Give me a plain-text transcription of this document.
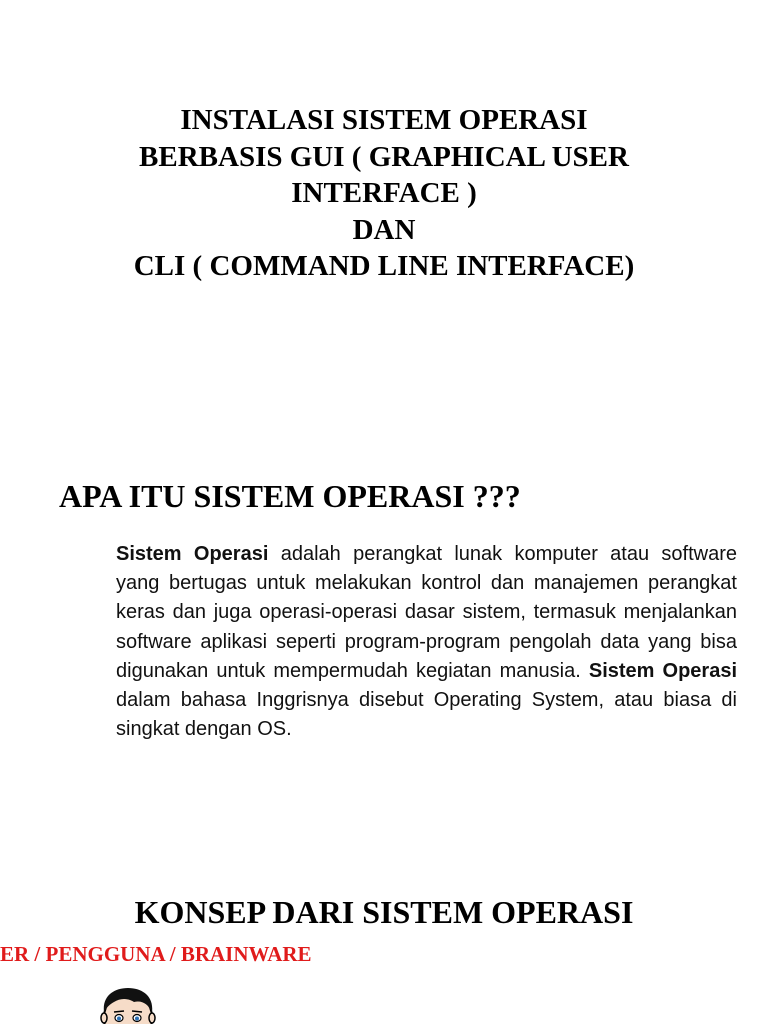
INSTALASI SISTEM OPERASI
BERBASIS GUI ( GRAPHICAL USER
INTERFACE )
DAN
CLI ( COMMAND LINE INTERFACE)
APA ITU SISTEM OPERASI ???

Sistem Operasi adalah perangkat lunak komputer atau software yang bertugas untuk melakukan kontrol dan manajemen perangkat keras dan juga operasi-operasi dasar sistem, termasuk menjalankan software aplikasi seperti program-program pengolah data yang bisa digunakan untuk mempermudah kegiatan manusia. Sistem Operasi dalam bahasa Inggrisnya disebut Operating System, atau biasa di singkat dengan OS.

KONSEP DARI SISTEM OPERASI
ER / PENGGUNA / BRAINWARE
